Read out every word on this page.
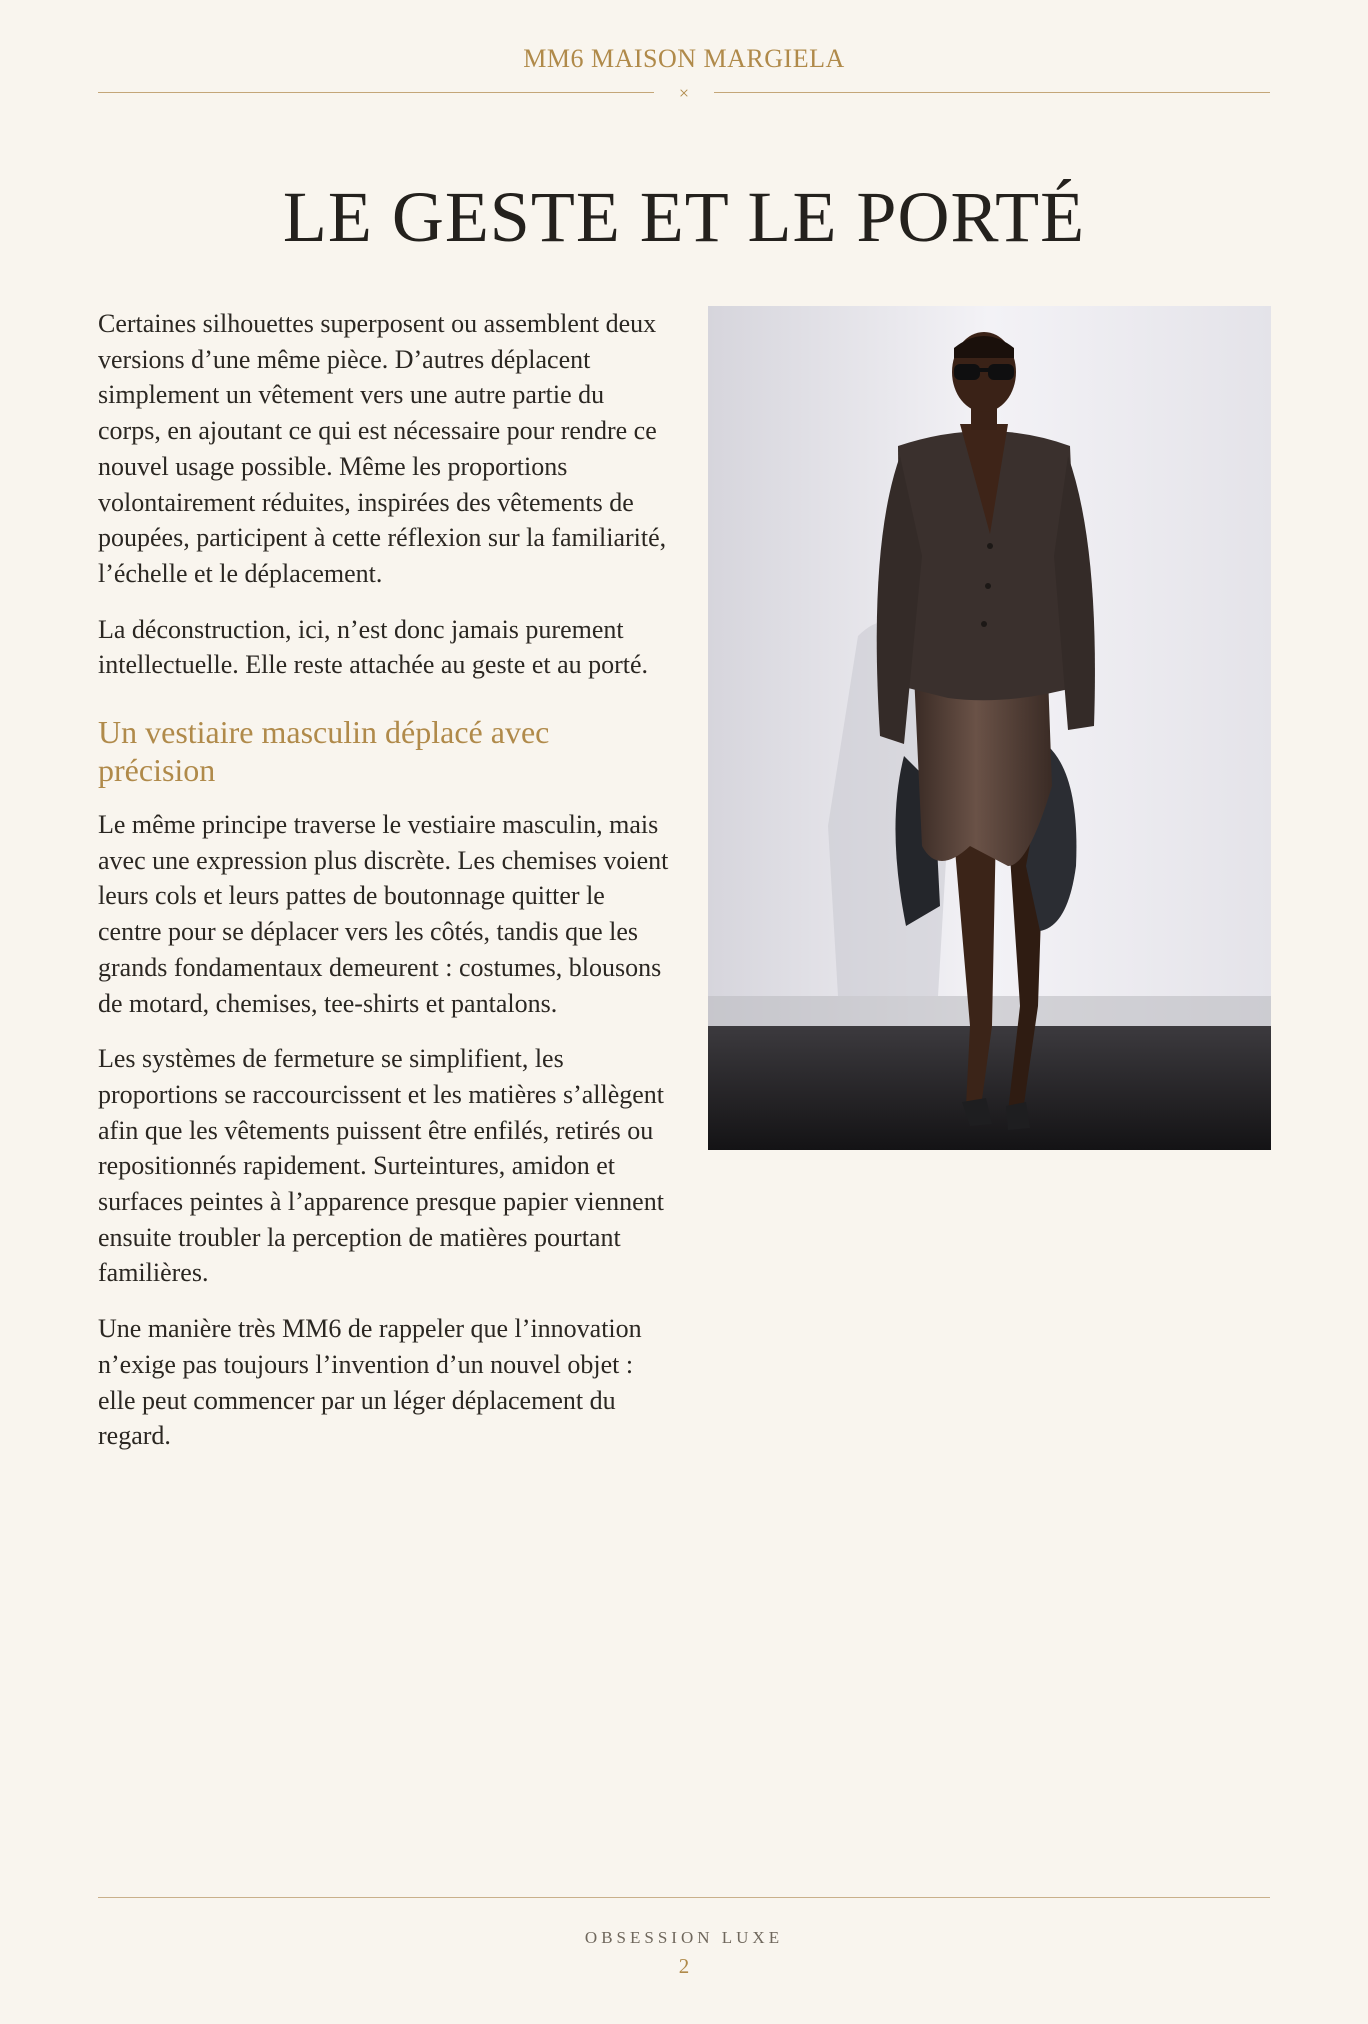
MM6 MAISON MARGIELA
×
LE GESTE ET LE PORTÉ

Certaines silhouettes superposent ou assemblent deux versions d’une même pièce. D’autres déplacent simplement un vêtement vers une autre partie du corps, en ajoutant ce qui est nécessaire pour rendre ce nouvel usage possible. Même les proportions volontairement réduites, inspirées des vêtements de poupées, participent à cette réflexion sur la familiarité, l’échelle et le déplacement.

La déconstruction, ici, n’est donc jamais purement intellectuelle. Elle reste attachée au geste et au porté.

Un vestiaire masculin déplacé avec précision

Le même principe traverse le vestiaire masculin, mais avec une expression plus discrète. Les chemises voient leurs cols et leurs pattes de boutonnage quitter le centre pour se déplacer vers les côtés, tandis que les grands fondamentaux demeurent : costumes, blousons de motard, chemises, tee-shirts et pantalons.

Les systèmes de fermeture se simplifient, les proportions se raccourcissent et les matières s’allègent afin que les vêtements puissent être enfilés, retirés ou repositionnés rapidement. Surteintures, amidon et surfaces peintes à l’apparence presque papier viennent ensuite troubler la perception de matières pourtant familières.

Une manière très MM6 de rappeler que l’innovation n’exige pas toujours l’invention d’un nouvel objet : elle peut commencer par un léger déplacement du regard.

OBSESSION LUXE
2
